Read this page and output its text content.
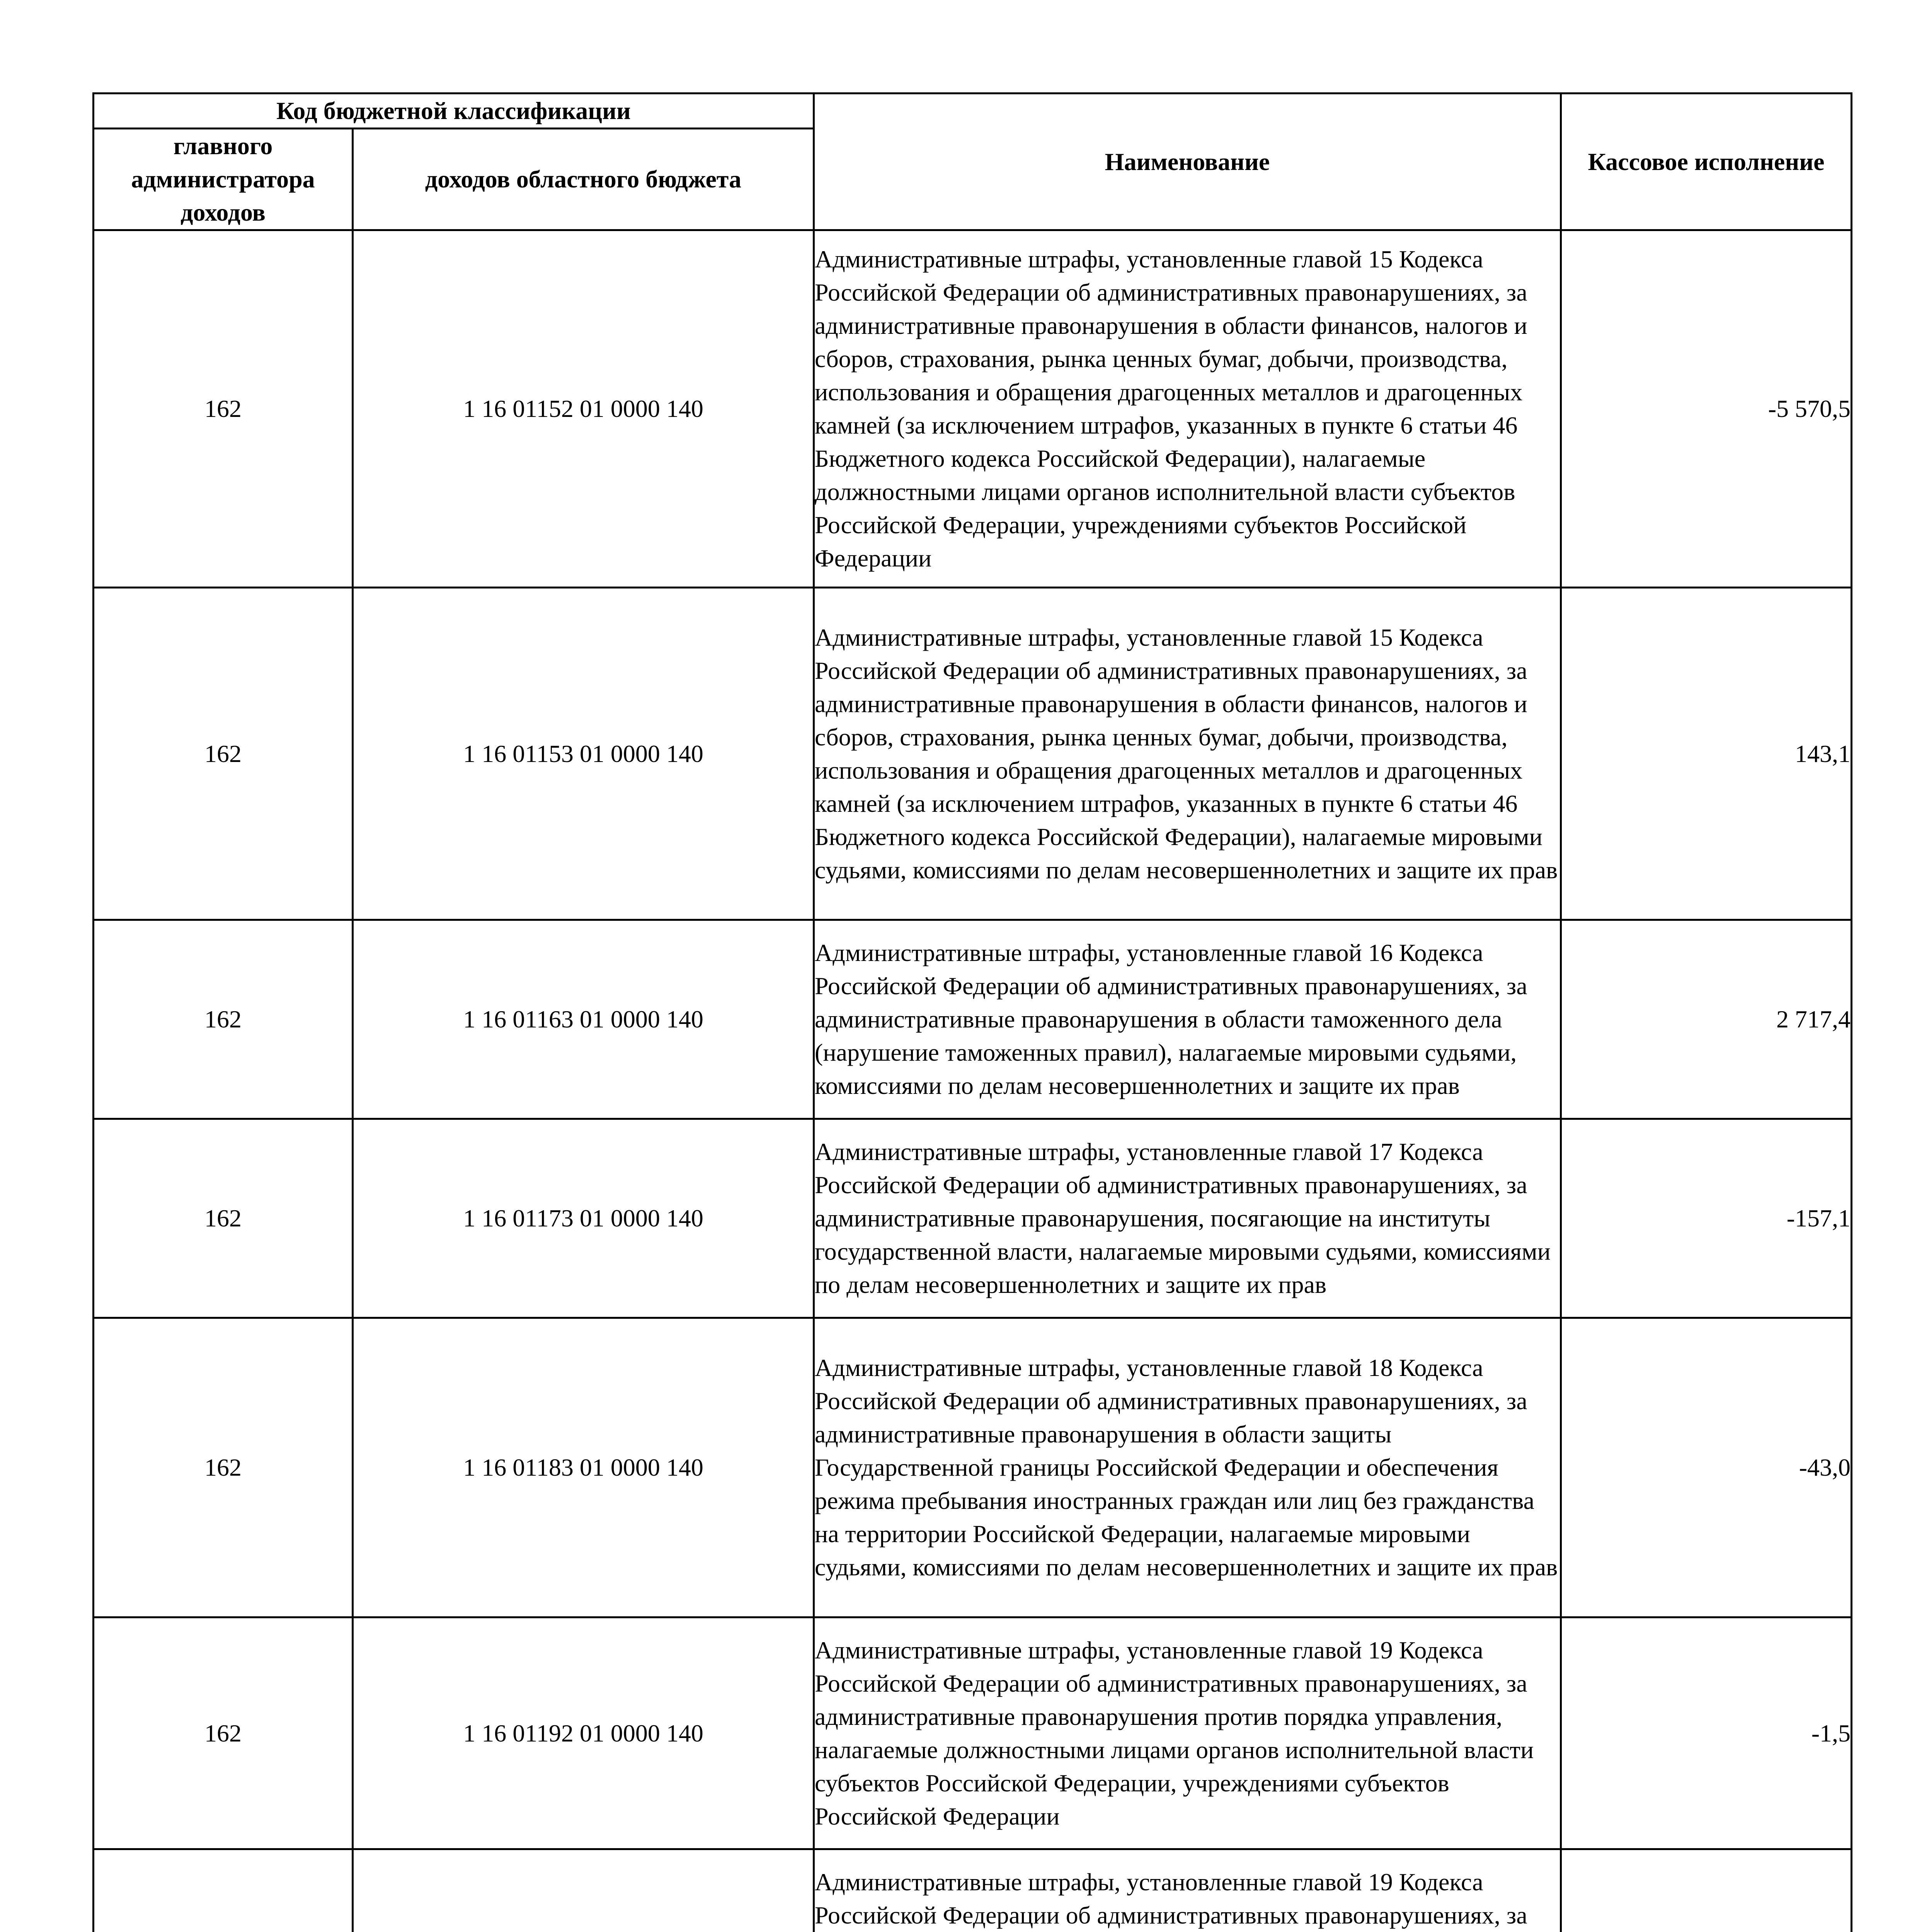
Код бюджетной классификации		Наименование	Кассовое исполнение
главного администратора доходов	доходов областного бюджета		
162	1 16 01152 01 0000 140	Административные штрафы, установленные главой 15 Кодекса Российской Федерации об административных правонарушениях, за административные правонарушения в области финансов, налогов и сборов, страхования, рынка ценных бумаг, добычи, производства, использования и обращения драгоценных металлов и драгоценных камней (за исключением штрафов, указанных в пункте 6 статьи 46 Бюджетного кодекса Российской Федерации), налагаемые должностными лицами органов исполнительной власти субъектов Российской Федерации, учреждениями субъектов Российской Федерации	-5 570,5
162	1 16 01153 01 0000 140	Административные штрафы, установленные главой 15 Кодекса Российской Федерации об административных правонарушениях, за административные правонарушения в области финансов, налогов и сборов, страхования, рынка ценных бумаг, добычи, производства, использования и обращения драгоценных металлов и драгоценных камней (за исключением штрафов, указанных в пункте 6 статьи 46 Бюджетного кодекса Российской Федерации), налагаемые мировыми судьями, комиссиями по делам несовершеннолетних и защите их прав	143,1
162	1 16 01163 01 0000 140	Административные штрафы, установленные главой 16 Кодекса Российской Федерации об административных правонарушениях, за административные правонарушения в области таможенного дела (нарушение таможенных правил), налагаемые мировыми судьями, комиссиями по делам несовершеннолетних и защите их прав	2 717,4
162	1 16 01173 01 0000 140	Административные штрафы, установленные главой 17 Кодекса Российской Федерации об административных правонарушениях, за административные правонарушения, посягающие на институты государственной власти, налагаемые мировыми судьями, комиссиями по делам несовершеннолетних и защите их прав	-157,1
162	1 16 01183 01 0000 140	Административные штрафы, установленные главой 18 Кодекса Российской Федерации об административных правонарушениях, за административные правонарушения в области защиты Государственной границы Российской Федерации и обеспечения режима пребывания иностранных граждан или лиц без гражданства на территории Российской Федерации, налагаемые мировыми судьями, комиссиями по делам несовершеннолетних и защите их прав	-43,0
162	1 16 01192 01 0000 140	Административные штрафы, установленные главой 19 Кодекса Российской Федерации об административных правонарушениях, за административные правонарушения против порядка управления, налагаемые должностными лицами органов исполнительной власти субъектов Российской Федерации, учреждениями субъектов Российской Федерации	-1,5
		Административные штрафы, установленные главой 19 Кодекса Российской Федерации об административных правонарушениях, за	
